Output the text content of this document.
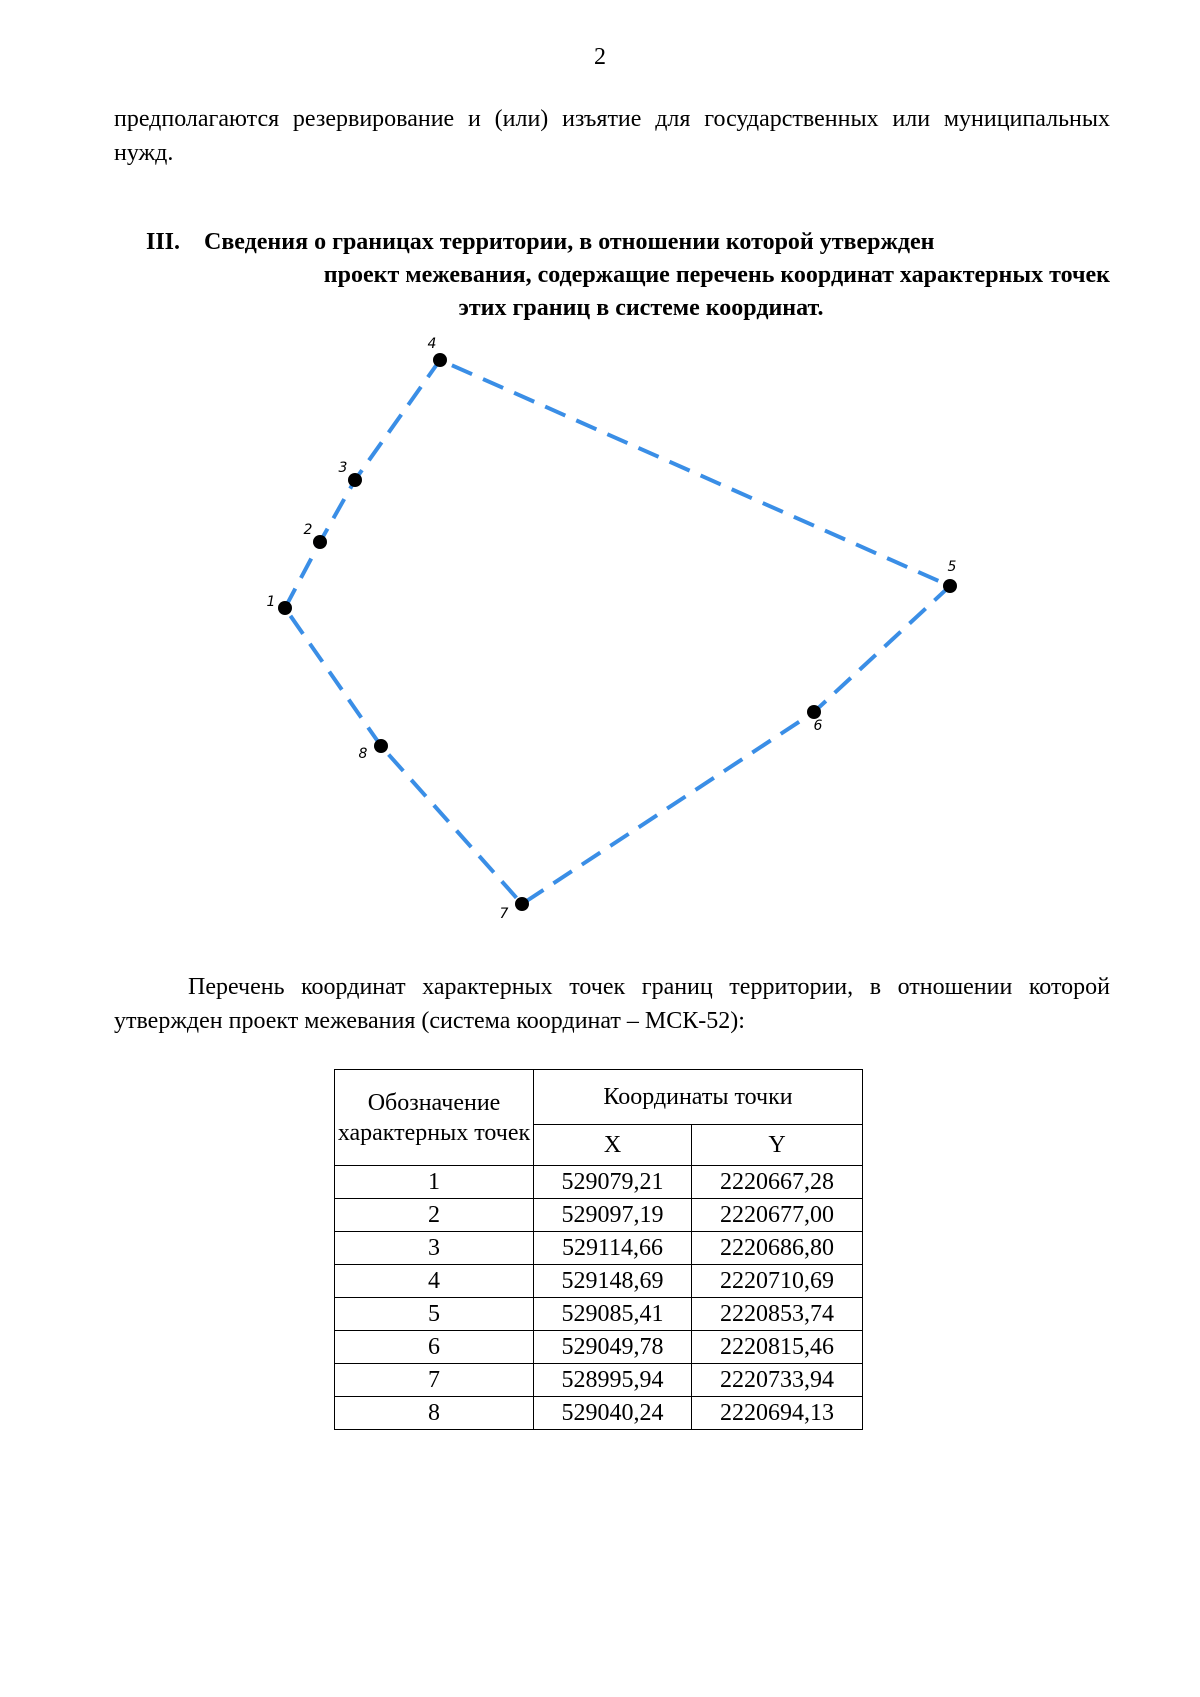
2
предполагаются резервирование и (или) изъятие для государственных или муниципальных нужд.
III. Сведения о границах территории, в отношении которой утвержден
проект межевания, содержащие перечень координат характерных точек
этих границ в системе координат.
1
2
3
4
5
6
7
8
Перечень координат характерных точек границ территории, в отношении которой утвержден проект межевания (система координат – МСК-52):
Обозначение характерных точек	Координаты точки	
	X	Y
1	529079,21	2220667,28
2	529097,19	2220677,00
3	529114,66	2220686,80
4	529148,69	2220710,69
5	529085,41	2220853,74
6	529049,78	2220815,46
7	528995,94	2220733,94
8	529040,24	2220694,13
